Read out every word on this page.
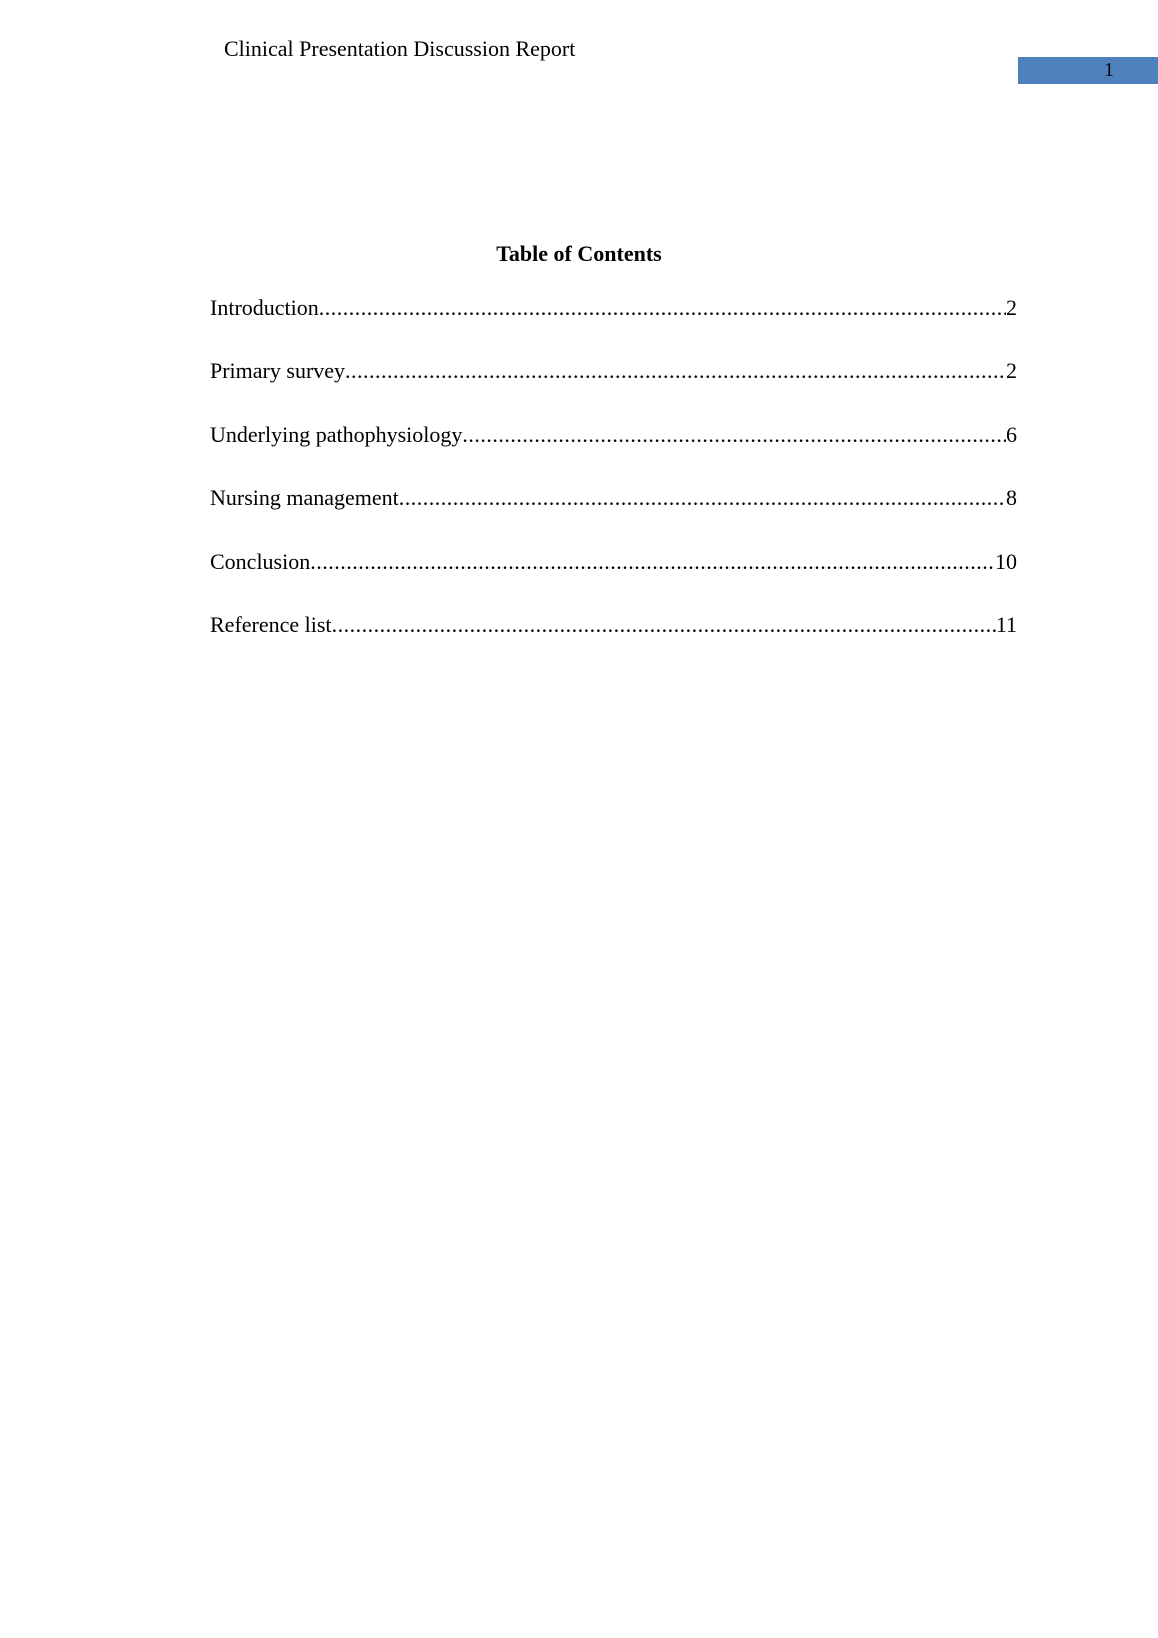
Clinical Presentation Discussion Report
1
Table of Contents
Introduction .....	2
Primary survey .....	2
Underlying pathophysiology .....	6
Nursing management .....	8
Conclusion .....	10
Reference list .....	11
